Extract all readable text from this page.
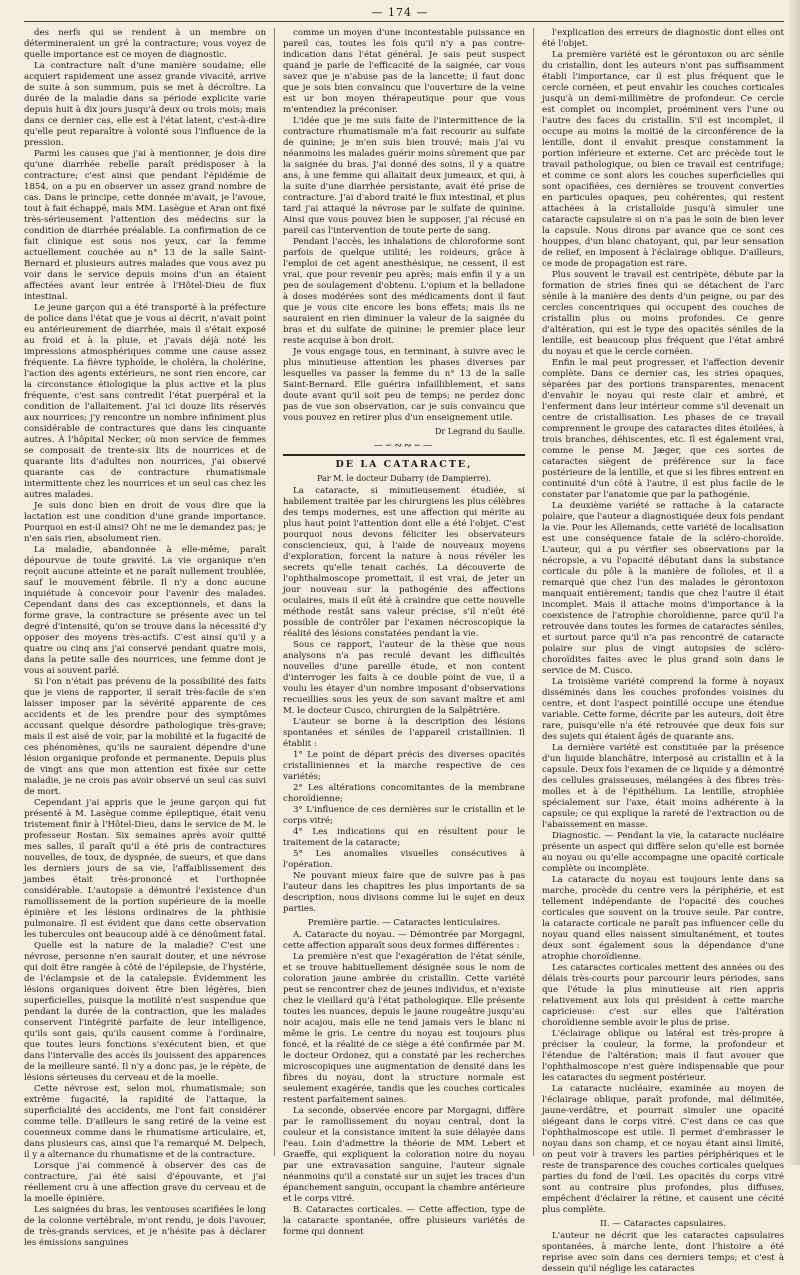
— 174 —

des nerfs qui se rendent à un membre on détermineraient un gré la contracture; vous voyez de quelle importance est ce moyen de diagnostic.

La contracture naît d'une manière soudaine; elle acquiert rapidement une assez grande vivacité, arrive de suite à son summum, puis se met à décroître. La durée de la maladie dans sa période explicite varie depuis huit à dix jours jusqu'à deux ou trois mois; mais dans ce dernier cas, elle est à l'état latent, c'est-à-dire qu'elle peut reparaître à volonté sous l'influence de la pression.

Parmi les causes que j'ai à mentionner, je dois dire qu'une diarrhée rebelle paraît prédisposer à la contracture; c'est ainsi que pendant l'épidémie de 1854, on a pu en observer un assez grand nombre de cas. Dans le principe, cette donnée m'avait, je l'avoue, tout à fait échappé, mais MM. Lasègue et Aran ont fixé très-sérieusement l'attention des médecins sur la condition de diarrhée préalable. La confirmation de ce fait clinique est sous nos yeux, car la femme actuellement couchée au n° 13 de la salle Saint-Bernard et plusieurs autres malades que vous avez pu voir dans le service depuis moins d'un an étaient affectées avant leur entrée à l'Hôtel-Dieu de flux intestinal.

Le jeune garçon qui a été transporté à la préfecture de police dans l'état que je vous ai décrit, n'avait point eu antérieurement de diarrhée, mais il s'était exposé au froid et à la pluie, et j'avais déjà noté les impressions atmosphériques comme une cause assez fréquente. La fièvre typhoïde, le choléra, la cholérine, l'action des agents extérieurs, ne sont rien encore, car la circonstance étiologique la plus active et la plus fréquente, c'est sans contredit l'état puerpéral et la condition de l'allaitement. J'ai ici douze lits réservés aux nourrices; j'y rencontre un nombre infiniment plus considérable de contractures que dans les cinquante autres. À l'hôpital Necker, où mon service de femmes se composait de trente-six lits de nourrices et de quarante lits d'adultes non nourrices, j'ai observé quarante cas de contracture rhumatismale intermittente chez les nourrices et un seul cas chez les autres malades.

Je suis donc bien en droit de vous dire que la lactation est une condition d'une grande importance. Pourquoi en est-il ainsi? Oh! ne me le demandez pas; je n'en sais rien, absolument rien.

La maladie, abandonnée à elle-même, paraît dépourvue de toute gravité. La vie organique n'en reçoit aucune atteinte et ne paraît nullement troublée, sauf le mouvement fébrile. Il n'y a donc aucune inquiétude à concevoir pour l'avenir des malades. Cependant dans des cas exceptionnels, et dans la forme grave, la contracture se présente avec un tel degré d'intensité, qu'on se trouve dans la nécessité d'y opposer des moyens très-actifs. C'est ainsi qu'il y a quatre ou cinq ans j'ai conservé pendant quatre mois, dans la petite salle des nourrices, une femme dont je vous ai souvent parlé.

Si l'on n'était pas prévenu de la possibilité des faits que je viens de rapporter, il serait très-facile de s'en laisser imposer par la sévérité apparente de ces accidents et de les prendre pour des symptômes accusant quelque désordre pathologique très-grave; mais il est aisé de voir, par la mobilité et la fugacité de ces phénomènes, qu'ils ne sauraient dépendre d'une lésion organique profonde et permanente. Depuis plus de vingt ans que mon attention est fixée sur cette maladie, je ne crois pas avoir observé un seul cas suivi de mort.

Cependant j'ai appris que le jeune garçon qui fut présenté à M. Lasègue comme épileptique, était venu tristement finir à l'Hôtel-Dieu, dans le service de M. le professeur Rostan. Six semaines après avoir quitté mes salles, il paraît qu'il a été pris de contractures nouvelles, de toux, de dyspnée, de sueurs, et que dans les derniers jours de sa vie, l'affaiblissement des jambes était très-prononcé et l'orthopnée considérable. L'autopsie a démontré l'existence d'un ramollissement de la portion supérieure de la moelle épinière et les lésions ordinaires de la phthisie pulmonaire. Il est évident que dans cette observation les tubercules ont beaucoup aidé à ce dénoûment fatal.

Quelle est la nature de la maladie? C'est une névrose, personne n'en saurait douter, et une névrose qui doit être rangée à côté de l'épilepsie, de l'hystérie, de l'éclampsie et de la catalepsie. Évidemment les lésions organiques doivent être bien légères, bien superficielles, puisque la motilité n'est suspendue que pendant la durée de la contraction, que les malades conservent l'intégrité parfaite de leur intelligence, qu'ils sont gais, qu'ils causent comme à l'ordinaire, que toutes leurs fonctions s'exécutent bien, et que dans l'intervalle des accès ils jouissent des apparences de la meilleure santé. Il n'y a donc pas, je le répète, de lésions sérieuses du cerveau et de la moelle.

Cette névrose est, selon moi, rhumatismale; son extrême fugacité, la rapidité de l'attaque, la superficialité des accidents, me l'ont fait considérer comme telle. D'ailleurs le sang retiré de la veine est couenneux comme dans le rhumatisme articulaire, et, dans plusieurs cas, ainsi que l'a remarqué M. Delpech, il y a alternance du rhumatisme et de la contracture.

Lorsque j'ai commencé à observer des cas de contracture, j'ai été saisi d'épouvante, et j'ai réellement cru à une affection grave du cerveau et de la moelle épinière.

Les saignées du bras, les ventouses scarifiées le long de la colonne vertébrale, m'ont rendu, je dois l'avouer, de très-grands services, et je n'hésite pas à déclarer les émissions sanguines

comme un moyen d'une incontestable puissance en pareil cas, toutes les fois qu'il n'y a pas contre-indication dans l'état général. Je sais peut suspect quand je parle de l'efficacité de la saignée, car vous savez que je n'abuse pas de la lancette; il faut donc que je sois bien convaincu que l'ouverture de la veine est ur bon moyen thérapeutique pour que vous m'entendiez la préconiser.

L'idée que je me suis faite de l'intermittence de la contracture rhumatismale m'a fait recourir au sulfate de quinine; je m'en suis bien trouvé; mais j'ai vu néanmoins les malades guérir moins sûrement que par la saignée du bras. J'ai donné des soins, il y a quatre ans, à une femme qui allaitait deux jumeaux, et qui, à la suite d'une diarrhée persistante, avait été prise de contracture. J'ai d'abord traité le flux intestinal, et plus tard j'ai attaqué la névrose par le sulfate de quinine. Ainsi que vous pouvez bien le supposer, j'ai récusé en pareil cas l'intervention de toute perte de sang.

Pendant l'accès, les inhalations de chloroforme sont parfois de quelque utilité; les roideurs, grâce à l'emploi de cet agent anesthésique, ne cessent, il est vrai, que pour revenir peu après; mais enfin il y a un peu de soulagement d'obtenu. L'opium et la belladone à doses modérées sont des médicaments dont il faut que je vous cite encore les bons effets; mais ils ne sauraient en rien diminuer la valeur de la saignée du bras et du sulfate de quinine: le premier place leur reste acquise à bon droit.

Je vous engage tous, en terminant, à suivre avec le plus minutieuse attention les phases diverses par lesquelles va passer la femme du n° 13 de la salle Saint-Bernard. Elle guérira infailliblement, et sans doute avant qu'il soit peu de temps; ne perdez donc pas de vue son observation, car je suis convaincu que vous pouvez en retirer plus d'un enseignement utile.

Dr Legrand du Saulle.
—∽∾∾∽—
DE LA CATARACTE,
Par M. le docteur Dubarry (de Dampierre).

La cataracte, si minutieusement étudiée, si habilement traitée par les chirurgiens les plus célèbres des temps modernes, est une affection qui mérite au plus haut point l'attention dont elle a été l'objet. C'est pourquoi nous devons féliciter les observateurs consciencieux, qui, à l'aide de nouveaux moyens d'exploration, forcent la nature à nous révéler les secrets qu'elle tenait cachés. La découverte de l'ophthalmoscope promettait, il est vrai, de jeter un jour nouveau sur la pathogénie des affections oculaires, mais il eût été à craindre que cette nouvelle méthode restât sans valeur précise, s'il n'eût été possible de contrôler par l'examen nécroscopique la réalité des lésions constatées pendant la vie.

Sous ce rapport, l'auteur de la thèse que nous analysons n'a pas reculé devant les difficultés nouvelles d'une pareille étude, et non content d'interroger les faits à ce double point de vue, il a voulu les étayer d'un nombre imposant d'observations recueillies sous les yeux de son savant maître et ami M. le docteur Cusco, chirurgien de la Salpêtrière.

L'auteur se borne à la description des lésions spontanées et séniles de l'appareil cristallinien. Il établit :

1° Le point de départ précis des diverses opacités cristalliniennes et la marche respective de ces variétés;

2° Les altérations concomitantes de la membrane choroïdienne;

3° L'influence de ces dernières sur le cristallin et le corps vitré;

4° Les indications qui en résultent pour le traitement de la cataracte;

5° Les anomalies visuelles consécutives à l'opération.

Ne pouvant mieux faire que de suivre pas à pas l'auteur dans les chapitres les plus importants de sa description, nous divisons comme lui le sujet en deux parties.

Première partie. — Cataractes lenticulaires.

A. Cataracte du noyau. — Démontrée par Morgagni, cette affection apparaît sous deux formes différentes :

La première n'est que l'exagération de l'état sénile, et se trouve habituellement désignée sous le nom de coloration jaune ambrée du cristallin. Cette variété peut se rencontrer chez de jeunes individus, et n'existe chez le vieillard qu'à l'état pathologique. Elle présente toutes les nuances, depuis le jaune rougeâtre jusqu'au noir acajou, mais elle ne tend jamais vers le blanc ni même le gris. Le centre du noyau est toujours plus foncé, et la réalité de ce siège a été confirmée par M. le docteur Ordonez, qui a constaté par les recherches microscopiques une augmentation de densité dans les fibres du noyau, dont la structure normale est seulement exagérée, tandis que les couches corticales restent parfaitement saines.

La seconde, observée encore par Morgagni, diffère par le ramollissement du noyau central, dont la couleur et la consistance imitent la suie délayée dans l'eau. Loin d'admettre la théorie de MM. Lebert et Graeffe, qui expliquent la coloration noire du noyau par une extravasation sanguine, l'auteur signale néanmoins qu'il a constaté sur un sujet les traces d'un épanchement sanguin, occupant la chambre antérieure et le corps vitré.

B. Cataractes corticales. — Cette affection, type de la cataracte spontanée, offre plusieurs variétés de forme qui donnent

l'explication des erreurs de diagnostic dont elles ont été l'objet.

La première variété est le gérontoxon ou arc sénile du cristallin, dont les auteurs n'ont pas suffisamment établi l'importance, car il est plus fréquent que le cercle cornéen, et peut envahir les couches corticales jusqu'à un demi-millimètre de profondeur. Ce cercle est complet ou incomplet, proéminent vers l'une ou l'autre des faces du cristallin. S'il est incomplet, il occupe au moins la moitié de la circonférence de la lentille, dont il envahit presque constamment la portion inférieure et externe. Cet arc précède tout le travail pathologique, ou bien ce travail est centrifuge; et comme ce sont alors les couches superficielles qui sont opacifiées, ces dernières se trouvent converties en particules opaques, peu cohérentes, qui restent attachées à la cristalloïde jusqu'à simuler une cataracte capsulaire si on n'a pas le soin de bien lever la capsule. Nous dirons par avance que ce sont ces houppes, d'un blanc chatoyant, qui, par leur sensation de relief, en imposent à l'éclairage oblique. D'ailleurs, ce mode de propagation est rare.

Plus souvent le travail est centripète, débute par la formation de stries fines qui se détachent de l'arc sénile à la manière des dents d'un peigne, ou par des cercles concentriques qui occupent des couches de cristallin plus ou moins profondes. Ce genre d'altération, qui est le type des opacités séniles de la lentille, est beaucoup plus fréquent que l'état ambré du noyau et que le cercle cornéen.

Enfin le mal peut progresser, et l'affection devenir complète. Dans ce dernier cas, les stries opaques, séparées par des portions transparentes, menacent d'envahir le noyau qui reste clair et ambré, et l'enferment dans leur intérieur comme s'il devenait un centre de cristallisation. Les phases de ce travail comprennent le groupe des cataractes dites étoilées, à trois branches, déhiscentes, etc. Il est également vrai, comme le pense M. Jæger, que ces sortes de cataractes siègent de préférence sur la face postérieure de la lentille, et que si les fibres entrent en continuité d'un côté à l'autre, il est plus facile de le constater par l'anatomie que par la pathogénie.

La deuxième variété se rattache à la cataracte polaire, que l'auteur a diagnostiquée deux fois pendant la vie. Pour les Allemands, cette variété de localisation est une conséquence fatale de la scléro-choroïde. L'auteur, qui a pu vérifier ses observations par la nécropsie, a vu l'opacité débutant dans la substance corticale du pôle à la manière de folioles, et il a remarqué que chez l'un des malades le gérontoxon manquait entièrement; tandis que chez l'autre il était incomplet. Mais il attache moins d'importance à la coexistence de l'atrophie choroïdienne, parce qu'il l'a retrouvée dans toutes les formes de cataractes séniles, et surtout parce qu'il n'a pas rencontré de cataracte polaire sur plus de vingt autopsies de scléro-choroïdites faites avec le plus grand soin dans le service de M. Cusco.

La troisième variété comprend la forme à noyaux disséminés dans les couches profondes voisines du centre, et dont l'aspect pointillé occupe une étendue variable. Cette forme, décrite par les auteurs, doit être rare, puisqu'elle n'a été retrouvée que deux fois sur des sujets qui étaient âgés de quarante ans.

La dernière variété est constituée par la présence d'un liquide blanchâtre, interposé au cristallin et à la capsule. Deux fois l'examen de ce liquide y a démontré des cellules graisseuses, mélangées à des fibres très-molles et à de l'épithélium. La lentille, atrophiée spécialement sur l'axe, était moins adhérente à la capsule; ce qui explique la rareté de l'extraction ou de l'abaissement en masse.

Diagnostic. — Pendant la vie, la cataracte nucléaire présente un aspect qui diffère selon qu'elle est bornée au noyau ou qu'elle accompagne une opacité corticale complète ou incomplète.

La cataracte du noyau est toujours lente dans sa marche, procède du centre vers la périphérie, et est tellement indépendante de l'opacité des couches corticales que souvent on la trouve seule. Par contre, la cataracte corticale ne paraît pas influencer celle du noyau quand elles naissent simultanément, et toutes deux sont également sous la dépendance d'une atrophie choroïdienne.

Les cataractes corticales mettent des années ou des délais très-courts pour parcourir leurs périodes, sans que l'étude la plus minutieuse ait rien appris relativement aux lois qui président à cette marche capricieuse: c'est sur elles que l'altération choroïdienne semble avoir le plus de prise.

L'éclairage oblique ou latéral est très-propre à préciser la couleur, la forme, la profondeur et l'étendue de l'altération; mais il faut avouer que l'ophthalmoscope n'est guère indispensable que pour les cataractes du segment postérieur.

La cataracte nucléaire, examinée au moyen de l'éclairage oblique, paraît profonde, mal délimitée, jaune-verdâtre, et pourrait simuler une opacité siégeant dans le corps vitré. C'est dans ce cas que l'ophthalmoscope est utile. Il permet d'embrasser le noyau dans son champ, et ce noyau étant ainsi limité, on peut voir à travers les parties périphériques et le reste de transparence des couches corticales quelques parties du fond de l'œil. Les opacités du corps vitré sont au contraire plus profondes, plus diffuses, empêchent d'éclairer la rétine, et causent une cécité plus complète.

II. — Cataractes capsulaires.

L'auteur ne décrit que les cataractes capsulaires spontanées, à marche lente, dont l'histoire a été reprise avec soin dans ces derniers temps; et c'est à dessein qu'il néglige les cataractes
